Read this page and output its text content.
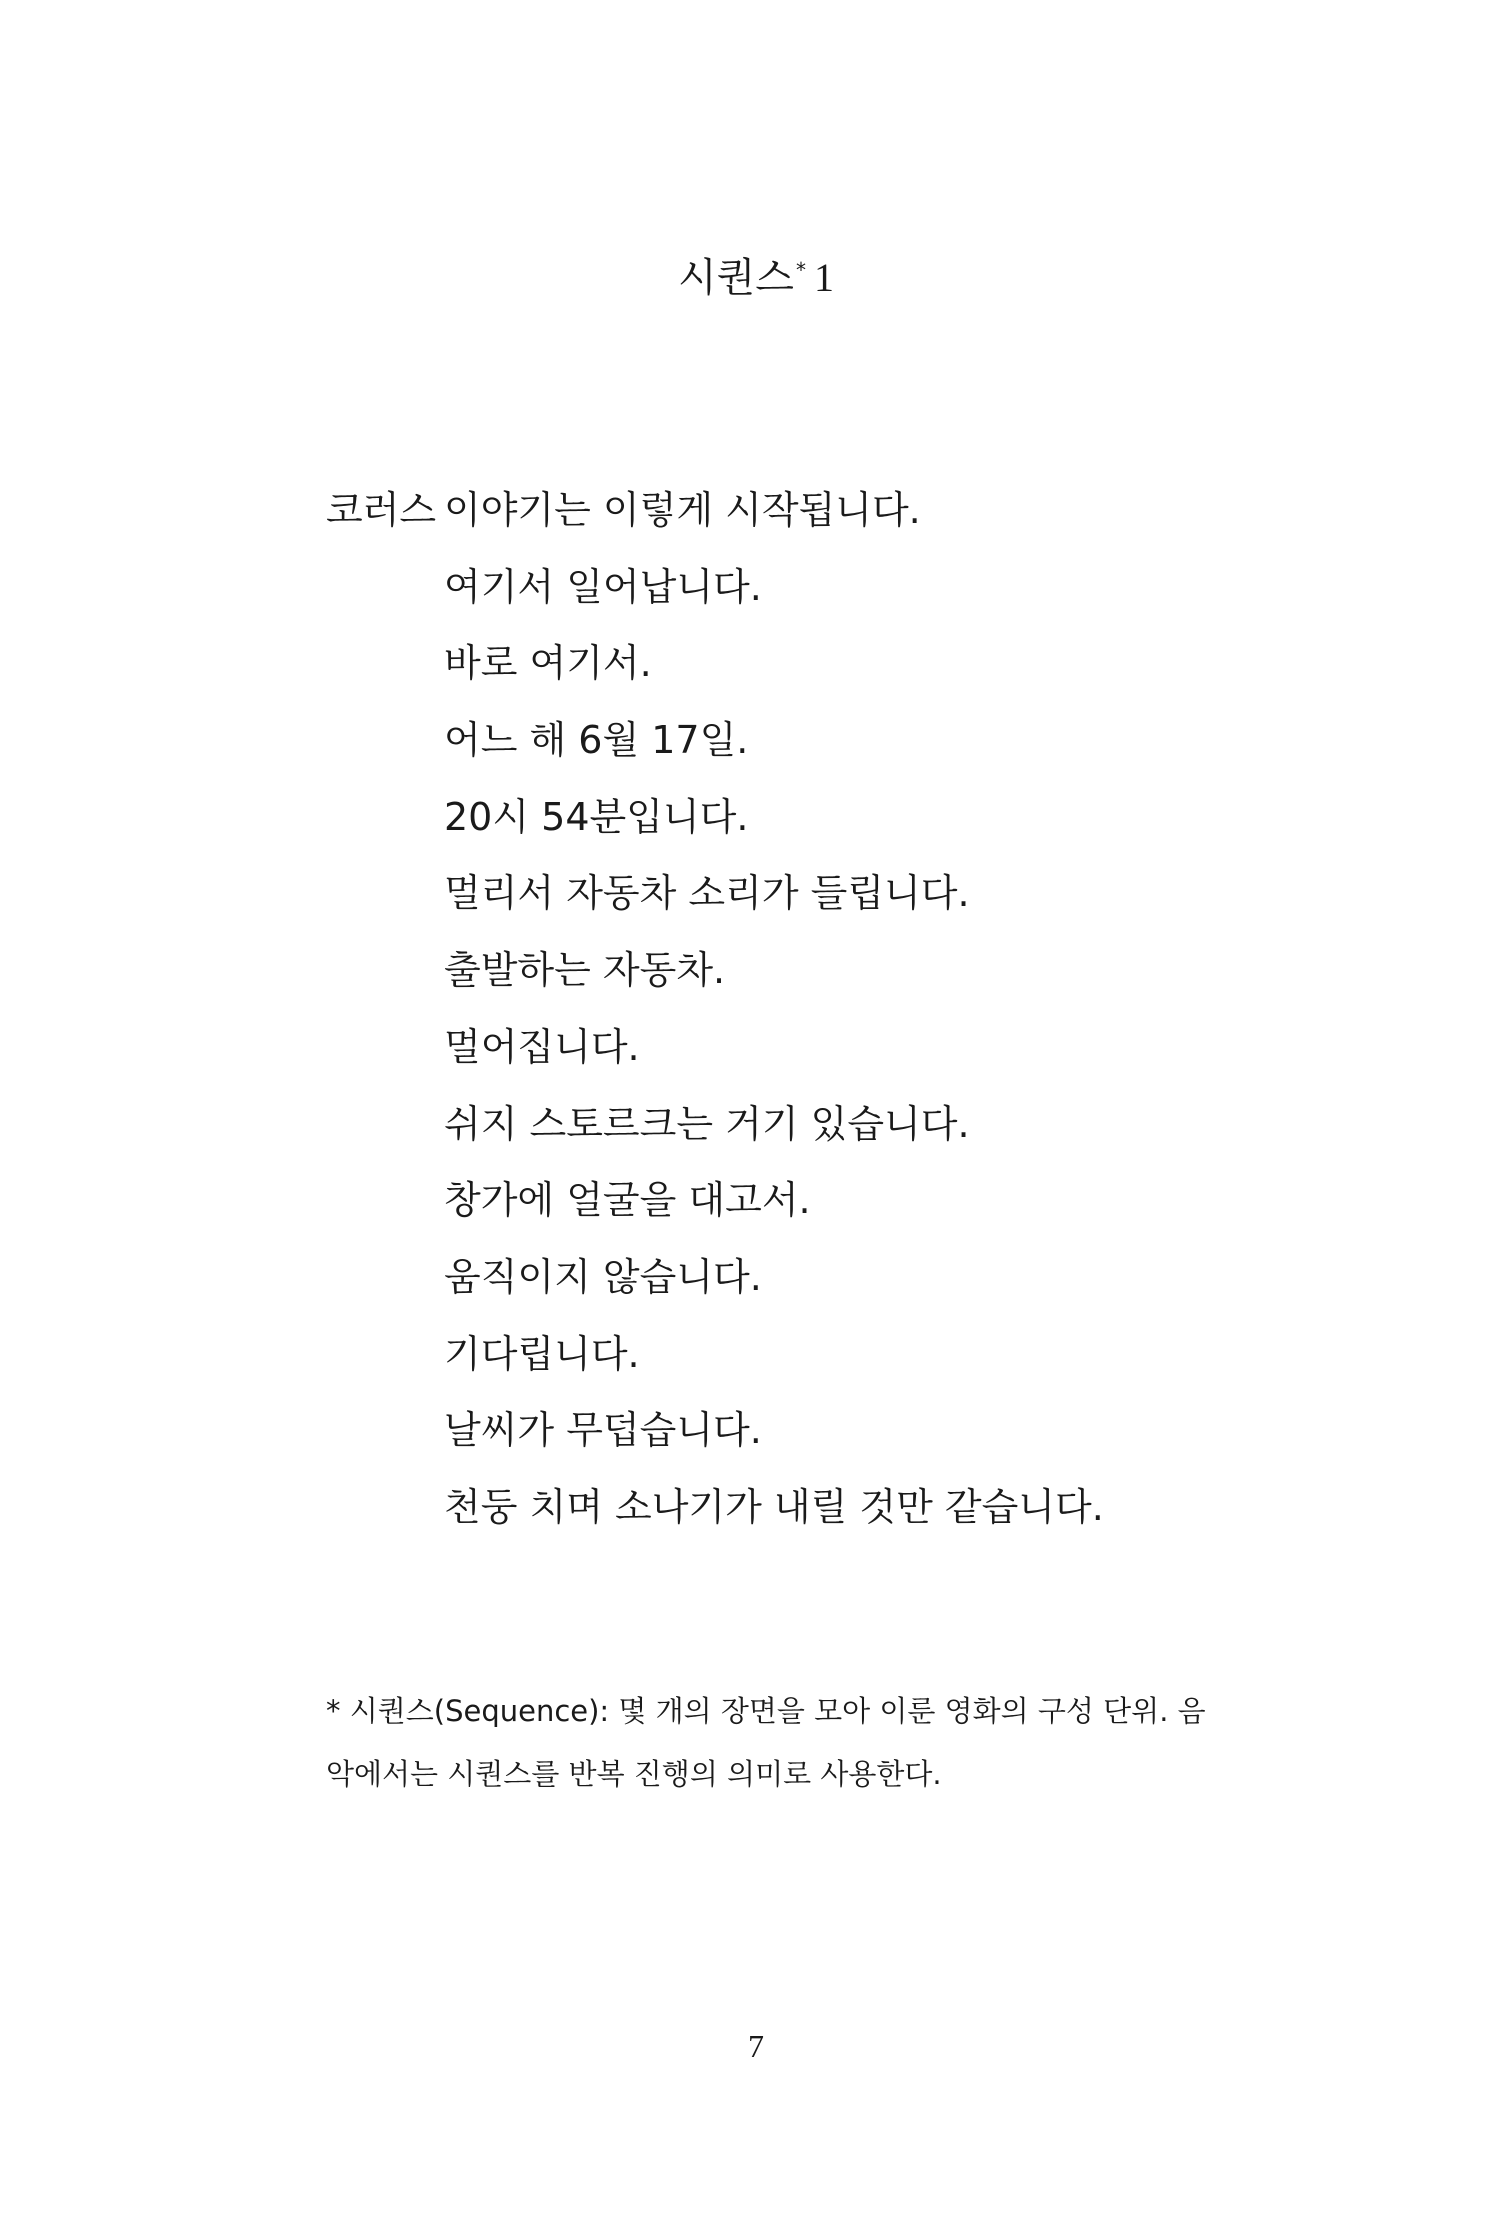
시퀀스 * 1
코러스 이야기는 이렇게 시작됩니다.
여기서 일어납니다.
바로 여기서.
어느 해 6월 17일.
20시 54분입니다.
멀리서 자동차 소리가 들립니다.
출발하는 자동차.
멀어집니다.
쉬지 스토르크는 거기 있습니다.
창가에 얼굴을 대고서.
움직이지 않습니다.
기다립니다.
날씨가 무덥습니다.
천둥 치며 소나기가 내릴 것만 같습니다.

* 시퀀스(Sequence): 몇 개의 장면을 모아 이룬 영화의 구성 단위. 음

악에서는 시퀀스를 반복 진행의 의미로 사용한다.

7
